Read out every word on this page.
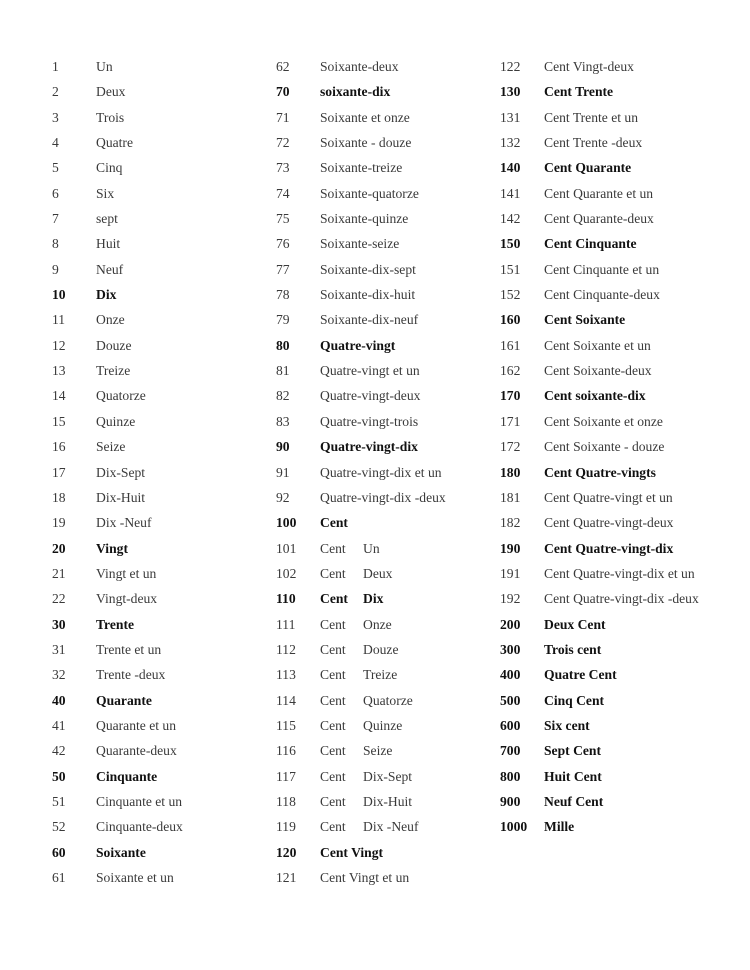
1	Un
2	Deux
3	Trois
4	Quatre
5	Cinq
6	Six
7	sept
8	Huit
9	Neuf
10	Dix
11	Onze
12	Douze
13	Treize
14	Quatorze
15	Quinze
16	Seize
17	Dix-Sept
18	Dix-Huit
19	Dix -Neuf
20	Vingt
21	Vingt et un
22	Vingt-deux
30	Trente
31	Trente et un
32	Trente -deux
40	Quarante
41	Quarante et un
42	Quarante-deux
50	Cinquante
51	Cinquante et un
52	Cinquante-deux
60	Soixante
61	Soixante et un
62	Soixante-deux
70	soixante-dix
71	Soixante et onze
72	Soixante - douze
73	Soixante-treize
74	Soixante-quatorze
75	Soixante-quinze
76	Soixante-seize
77	Soixante-dix-sept
78	Soixante-dix-huit
79	Soixante-dix-neuf
80	Quatre-vingt
81	Quatre-vingt et un
82	Quatre-vingt-deux
83	Quatre-vingt-trois
90	Quatre-vingt-dix
91	Quatre-vingt-dix et un
92	Quatre-vingt-dix -deux
100	Cent
101	Cent	Un
102	Cent	Deux
110	Cent	Dix
111	Cent	Onze
112	Cent	Douze
113	Cent	Treize
114	Cent	Quatorze
115	Cent	Quinze
116	Cent	Seize
117	Cent	Dix-Sept
118	Cent	Dix-Huit
119	Cent	Dix -Neuf
120	Cent Vingt
121	Cent Vingt et un
122	Cent Vingt-deux
130	Cent Trente
131	Cent Trente et un
132	Cent Trente -deux
140	Cent Quarante
141	Cent Quarante et un
142	Cent Quarante-deux
150	Cent Cinquante
151	Cent Cinquante et un
152	Cent Cinquante-deux
160	Cent Soixante
161	Cent Soixante et un
162	Cent Soixante-deux
170	Cent soixante-dix
171	Cent Soixante et onze
172	Cent Soixante - douze
180	Cent Quatre-vingts
181	Cent Quatre-vingt et un
182	Cent Quatre-vingt-deux
190	Cent Quatre-vingt-dix
191	Cent Quatre-vingt-dix et un
192	Cent Quatre-vingt-dix -deux
200	Deux Cent
300	Trois cent
400	Quatre Cent
500	Cinq Cent
600	Six cent
700	Sept Cent
800	Huit Cent
900	Neuf Cent
1000	Mille
